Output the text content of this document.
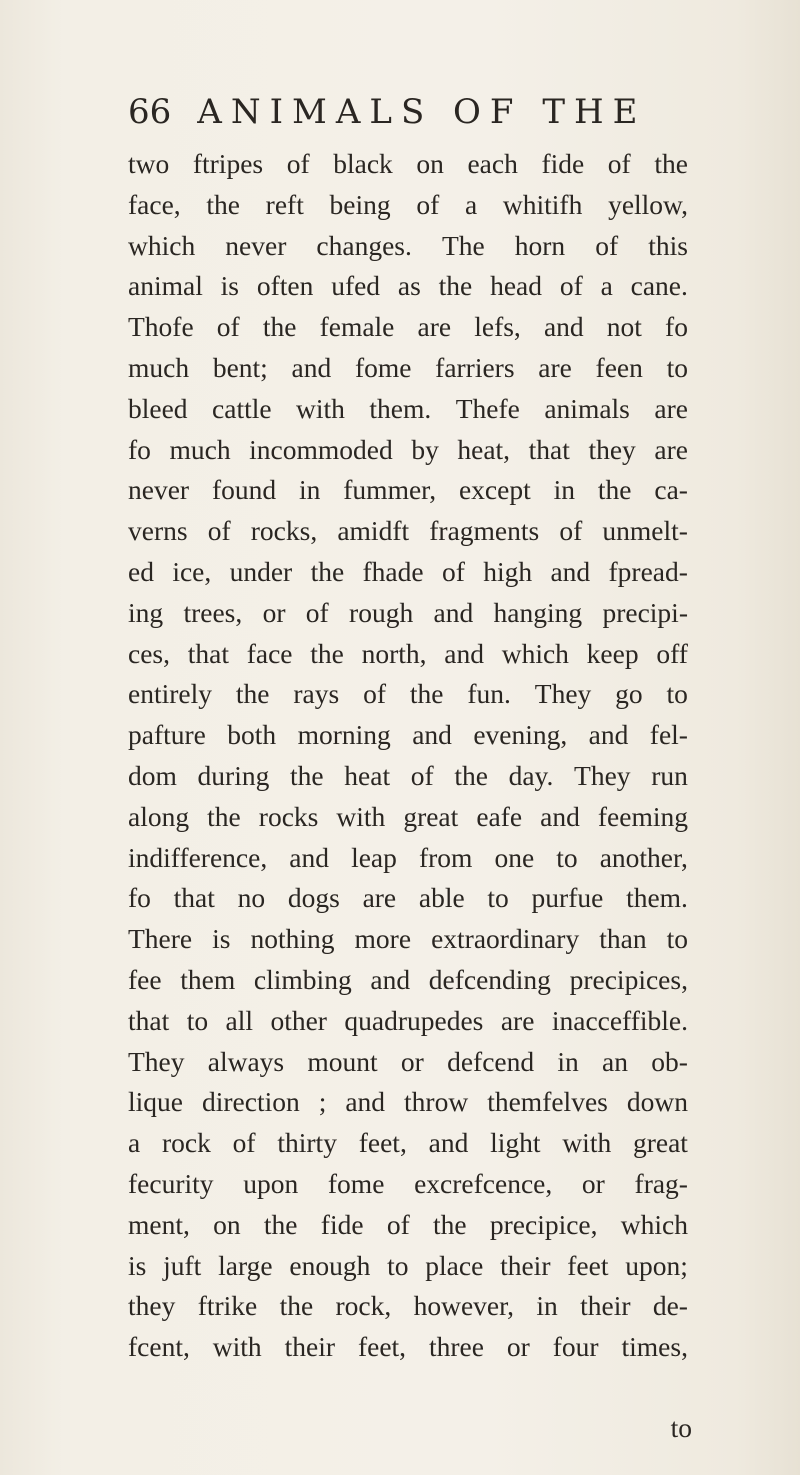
66 ANIMALS OF THE
two ftripes of black on each fide of the
face, the reft being of a whitifh yellow,
which never changes. The horn of this
animal is often ufed as the head of a cane.
Thofe of the female are lefs, and not fo
much bent; and fome farriers are feen to
bleed cattle with them. Thefe animals are
fo much incommoded by heat, that they are
never found in fummer, except in the ca-
verns of rocks, amidft fragments of unmelt-
ed ice, under the fhade of high and fpread-
ing trees, or of rough and hanging precipi-
ces, that face the north, and which keep off
entirely the rays of the fun. They go to
pafture both morning and evening, and fel-
dom during the heat of the day. They run
along the rocks with great eafe and feeming
indifference, and leap from one to another,
fo that no dogs are able to purfue them.
There is nothing more extraordinary than to
fee them climbing and defcending precipices,
that to all other quadrupedes are inacceffible.
They always mount or defcend in an ob-
lique direction ; and throw themfelves down
a rock of thirty feet, and light with great
fecurity upon fome excrefcence, or frag-
ment, on the fide of the precipice, which
is juft large enough to place their feet upon;
they ftrike the rock, however, in their de-
fcent, with their feet, three or four times,
to
